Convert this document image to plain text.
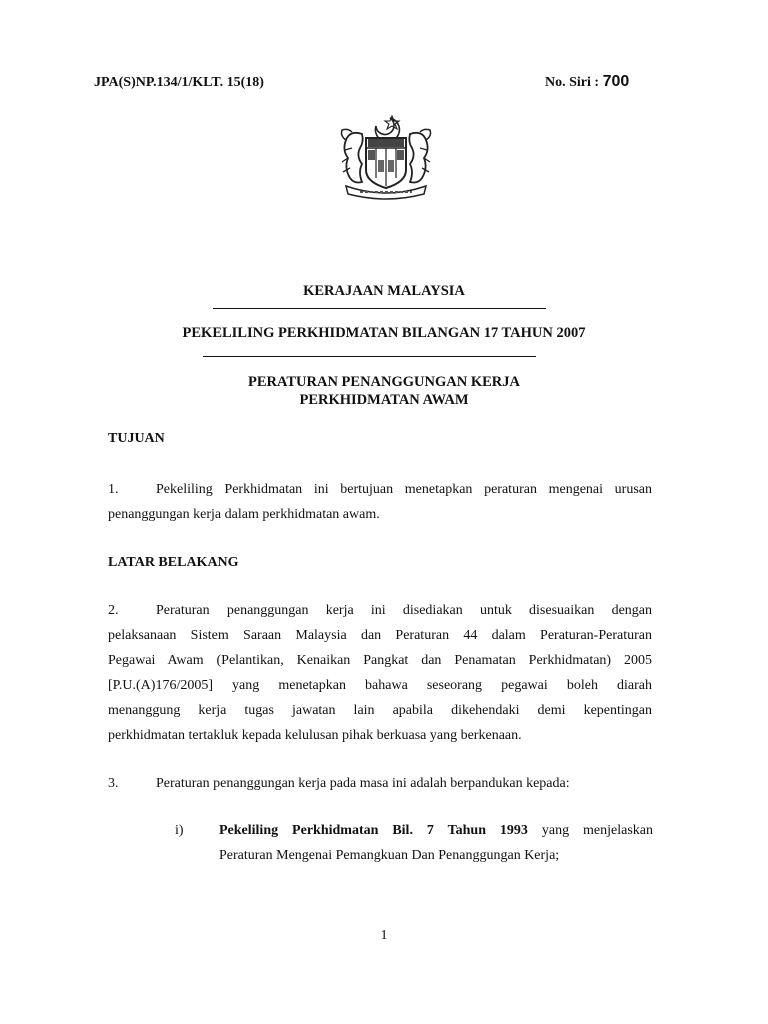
JPA(S)NP.134/1/KLT. 15(18)	No. Siri : 700
KERAJAAN MALAYSIA
PEKELILING PERKHIDMATAN BILANGAN 17 TAHUN 2007
PERATURAN PENANGGUNGAN KERJA
PERKHIDMATAN AWAM
TUJUAN
1.	Pekeliling Perkhidmatan ini bertujuan menetapkan peraturan mengenai urusan
penanggungan kerja dalam perkhidmatan awam.
LATAR BELAKANG
2.	Peraturan penanggungan kerja ini disediakan untuk disesuaikan dengan
pelaksanaan Sistem Saraan Malaysia dan Peraturan 44 dalam Peraturan-Peraturan
Pegawai Awam (Pelantikan, Kenaikan Pangkat dan Penamatan Perkhidmatan) 2005
[P.U.(A)176/2005] yang menetapkan bahawa seseorang pegawai boleh diarah
menanggung kerja tugas jawatan lain apabila dikehendaki demi kepentingan
perkhidmatan tertakluk kepada kelulusan pihak berkuasa yang berkenaan.
3.	Peraturan penanggungan kerja pada masa ini adalah berpandukan kepada:
i)	Pekeliling Perkhidmatan Bil. 7 Tahun 1993 yang menjelaskan
Peraturan Mengenai Pemangkuan Dan Penanggungan Kerja;
1
